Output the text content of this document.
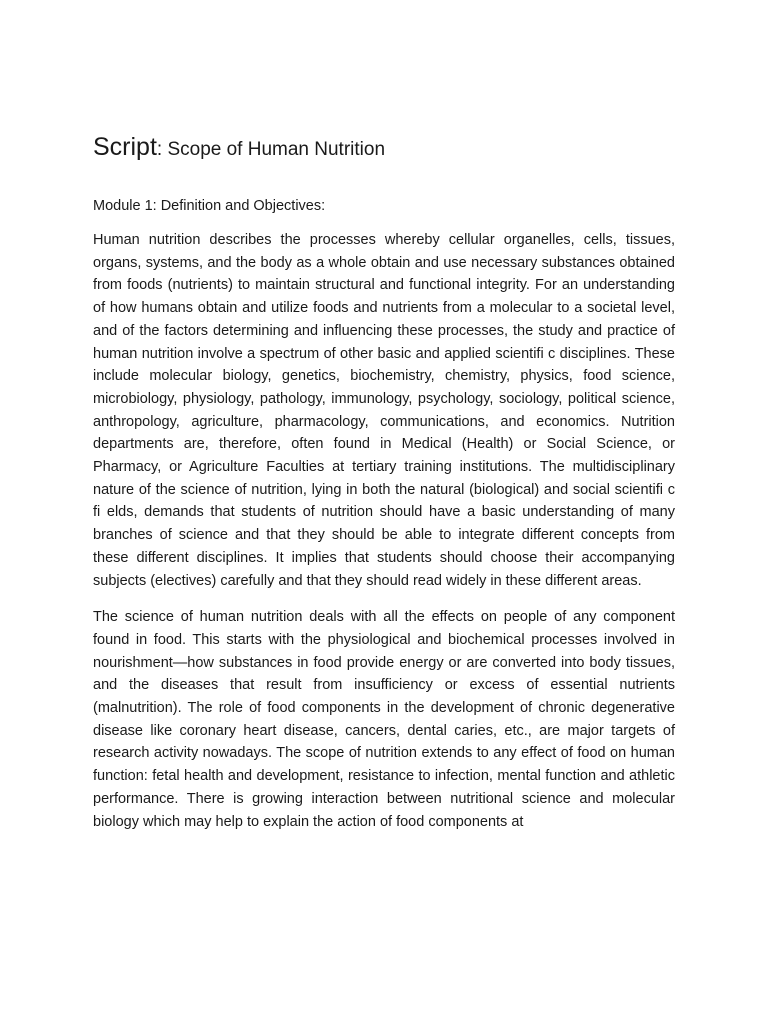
Script: Scope of Human Nutrition

Module 1: Definition and Objectives:

Human nutrition describes the processes whereby cellular organelles, cells, tissues, organs, systems, and the body as a whole obtain and use necessary substances obtained from foods (nutrients) to maintain structural and functional integrity. For an understanding of how humans obtain and utilize foods and nutrients from a molecular to a societal level, and of the factors determining and influencing these processes, the study and practice of human nutrition involve a spectrum of other basic and applied scientifi c disciplines. These include molecular biology, genetics, biochemistry, chemistry, physics, food science, microbiology, physiology, pathology, immunology, psychology, sociology, political science, anthropology, agriculture, pharmacology, communications, and economics. Nutrition departments are, therefore, often found in Medical (Health) or Social Science, or Pharmacy, or Agriculture Faculties at tertiary training institutions. The multidisciplinary nature of the science of nutrition, lying in both the natural (biological) and social scientifi c fi elds, demands that students of nutrition should have a basic understanding of many branches of science and that they should be able to integrate different concepts from these different disciplines. It implies that students should choose their accompanying subjects (electives) carefully and that they should read widely in these different areas.

The science of human nutrition deals with all the effects on people of any component found in food. This starts with the physiological and biochemical processes involved in nourishment—how substances in food provide energy or are converted into body tissues, and the diseases that result from insufficiency or excess of essential nutrients (malnutrition). The role of food components in the development of chronic degenerative disease like coronary heart disease, cancers, dental caries, etc., are major targets of research activity nowadays. The scope of nutrition extends to any effect of food on human function: fetal health and development, resistance to infection, mental function and athletic performance. There is growing interaction between nutritional science and molecular biology which may help to explain the action of food components at
